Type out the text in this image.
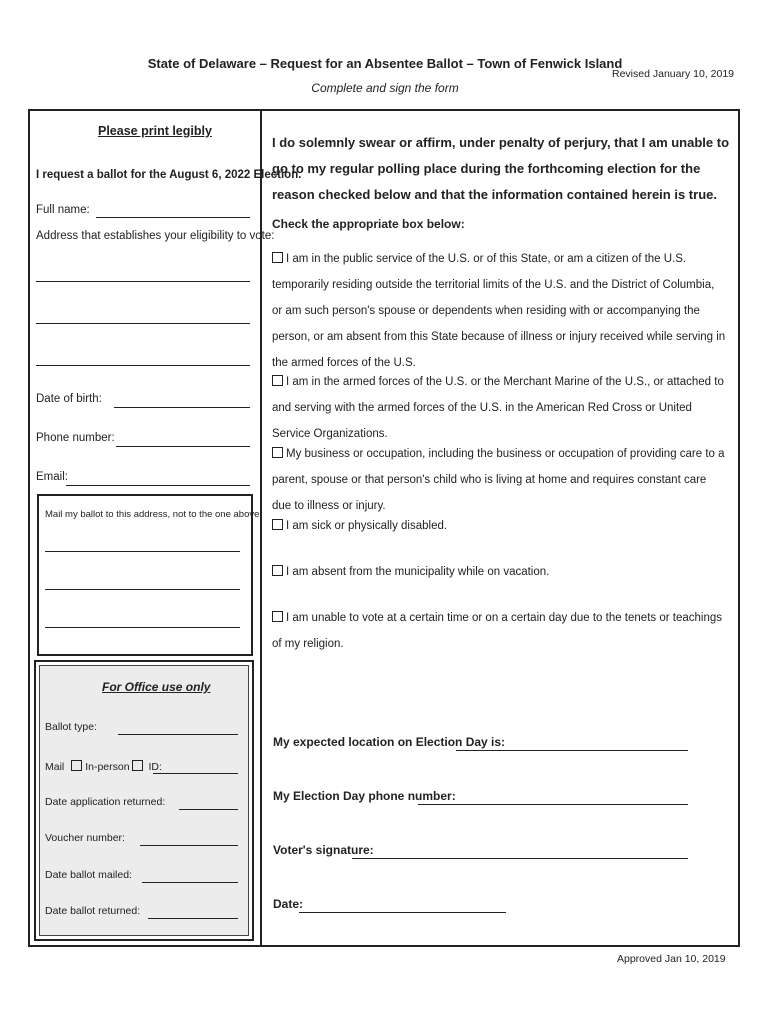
State of Delaware – Request for an Absentee Ballot – Town of Fenwick Island
Complete and sign the form
Revised January 10, 2019
Please print legibly
I request a ballot for the August 6, 2022 Election.
Full name:
Address that establishes your eligibility to vote:
Date of birth:
Phone number:
Email:
Mail my ballot to this address, not to the one above:
For Office use only
Ballot type:
Mail In-person ID:
Date application returned:
Voucher number:
Date ballot mailed:
Date ballot returned:
I do solemnly swear or affirm, under penalty of perjury, that I am unable to go to my regular polling place during the forthcoming election for the reason checked below and that the information contained herein is true.
Check the appropriate box below:
I am in the public service of the U.S. or of this State, or am a citizen of the U.S. temporarily residing outside the territorial limits of the U.S. and the District of Columbia, or am such person's spouse or dependents when residing with or accompanying the person, or am absent from this State because of illness or injury received while serving in the armed forces of the U.S.
I am in the armed forces of the U.S. or the Merchant Marine of the U.S., or attached to and serving with the armed forces of the U.S. in the American Red Cross or United Service Organizations.
My business or occupation, including the business or occupation of providing care to a parent, spouse or that person's child who is living at home and requires constant care due to illness or injury.
I am sick or physically disabled.
I am absent from the municipality while on vacation.
I am unable to vote at a certain time or on a certain day due to the tenets or teachings of my religion.
My expected location on Election Day is:
My Election Day phone number:
Voter's signature:
Date:
Approved Jan 10, 2019
